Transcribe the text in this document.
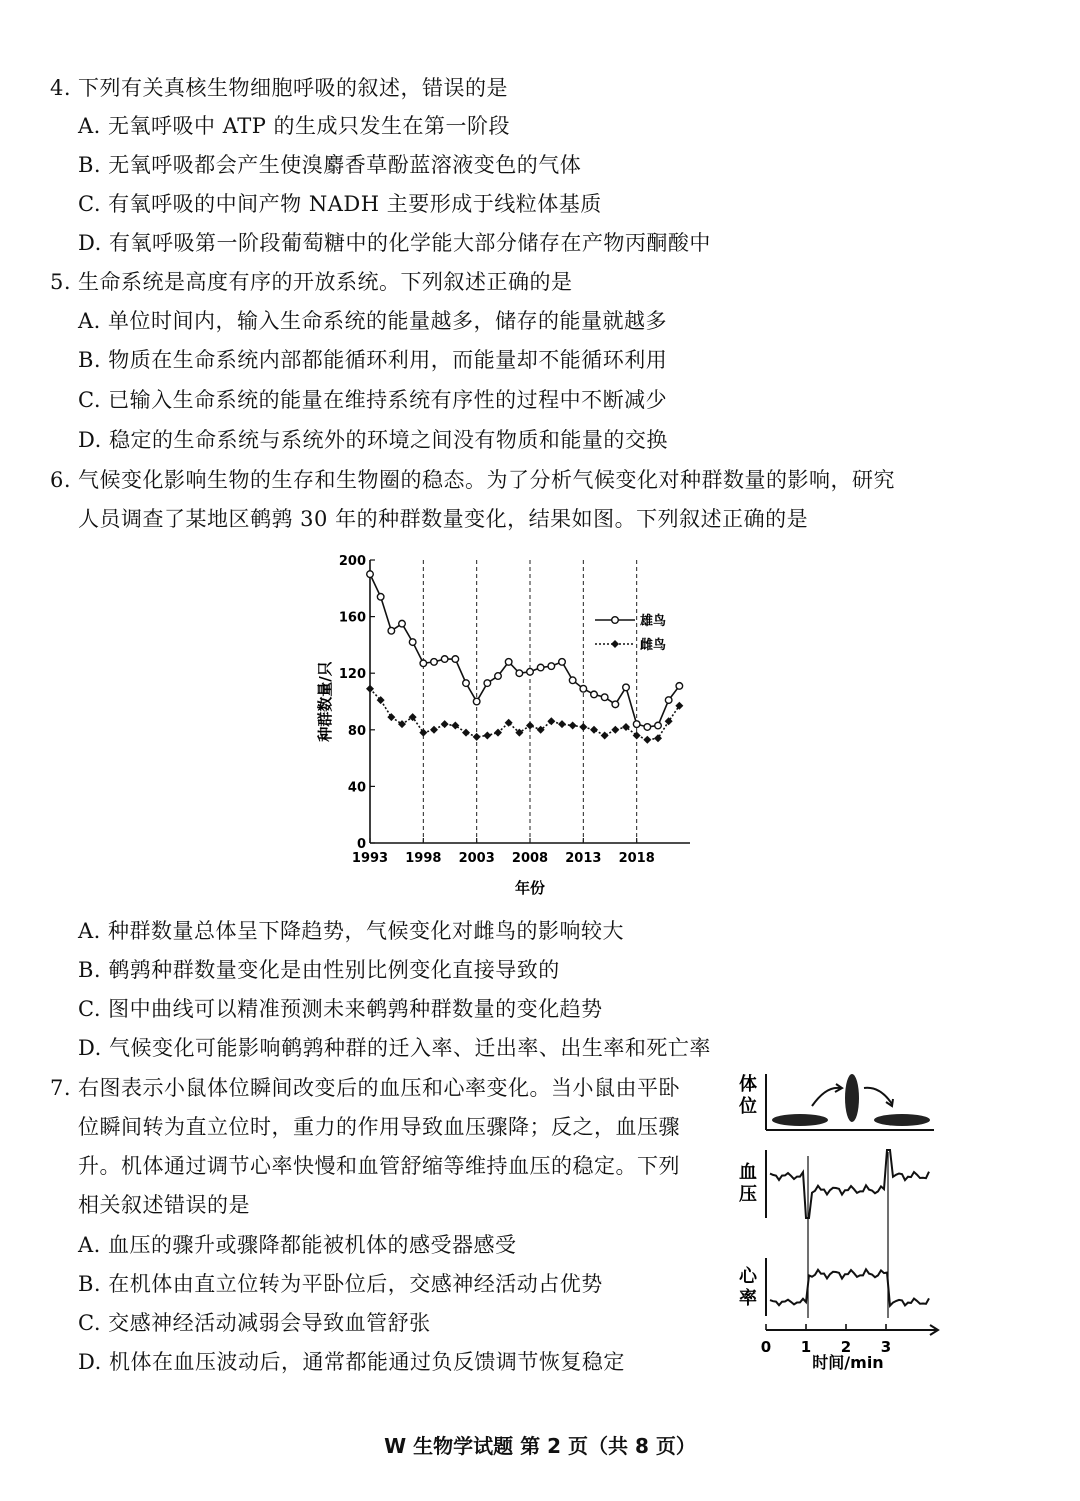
4. 下列有关真核生物细胞呼吸的叙述，错误的是
A. 无氧呼吸中 ATP 的生成只发生在第一阶段
B. 无氧呼吸都会产生使溴麝香草酚蓝溶液变色的气体
C. 有氧呼吸的中间产物 NADH 主要形成于线粒体基质
D. 有氧呼吸第一阶段葡萄糖中的化学能大部分储存在产物丙酮酸中
5. 生命系统是高度有序的开放系统。下列叙述正确的是
A. 单位时间内，输入生命系统的能量越多，储存的能量就越多
B. 物质在生命系统内部都能循环利用，而能量却不能循环利用
C. 已输入生命系统的能量在维持系统有序性的过程中不断减少
D. 稳定的生命系统与系统外的环境之间没有物质和能量的交换
6. 气候变化影响生物的生存和生物圈的稳态。为了分析气候变化对种群数量的影响，研究
人员调查了某地区鹌鹑 30 年的种群数量变化，结果如图。下列叙述正确的是
0
40
80
120
160
200
1993 1998 2003 2008 2013 2018
年份
种群数量/只
雄鸟
雌鸟
A. 种群数量总体呈下降趋势，气候变化对雌鸟的影响较大
B. 鹌鹑种群数量变化是由性别比例变化直接导致的
C. 图中曲线可以精准预测未来鹌鹑种群数量的变化趋势
D. 气候变化可能影响鹌鹑种群的迁入率、迁出率、出生率和死亡率
7. 右图表示小鼠体位瞬间改变后的血压和心率变化。当小鼠由平卧
位瞬间转为直立位时，重力的作用导致血压骤降；反之，血压骤
升。机体通过调节心率快慢和血管舒缩等维持血压的稳定。下列
相关叙述错误的是
A. 血压的骤升或骤降都能被机体的感受器感受
B. 在机体由直立位转为平卧位后，交感神经活动占优势
C. 交感神经活动减弱会导致血管舒张
D. 机体在血压波动后，通常都能通过负反馈调节恢复稳定
体位
血压
心率
0 1 2 3
时间/min
W 生物学试题 第 2 页（共 8 页）
